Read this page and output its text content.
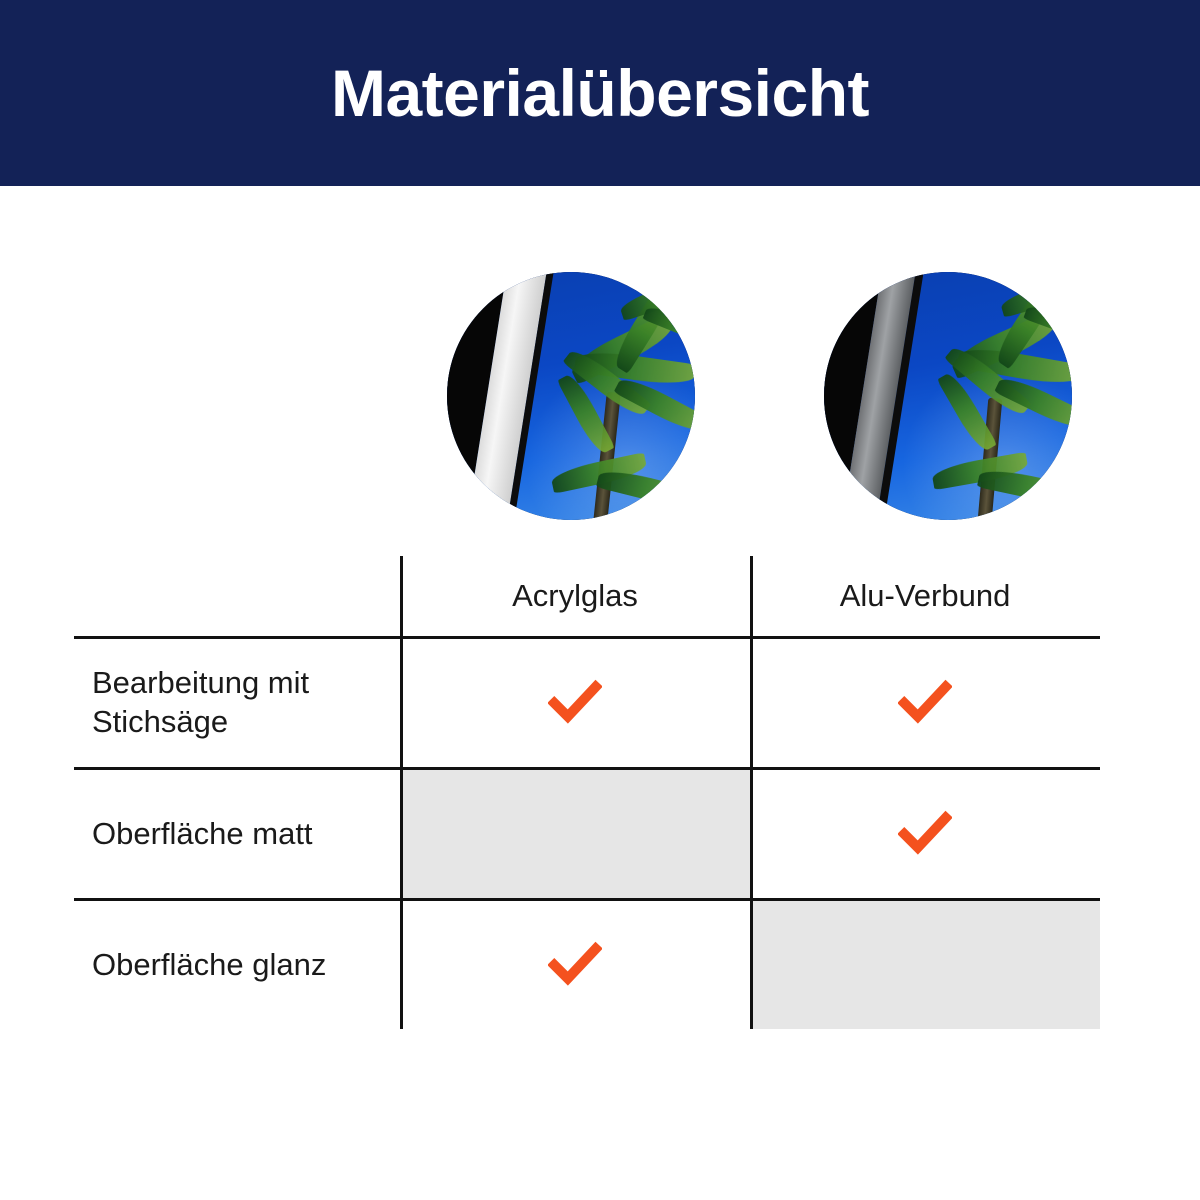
Materialübersicht
Acrylglas	Alu-Verbund
Bearbeitung mit
Stichsäge
Oberfläche matt
Oberfläche glanz
